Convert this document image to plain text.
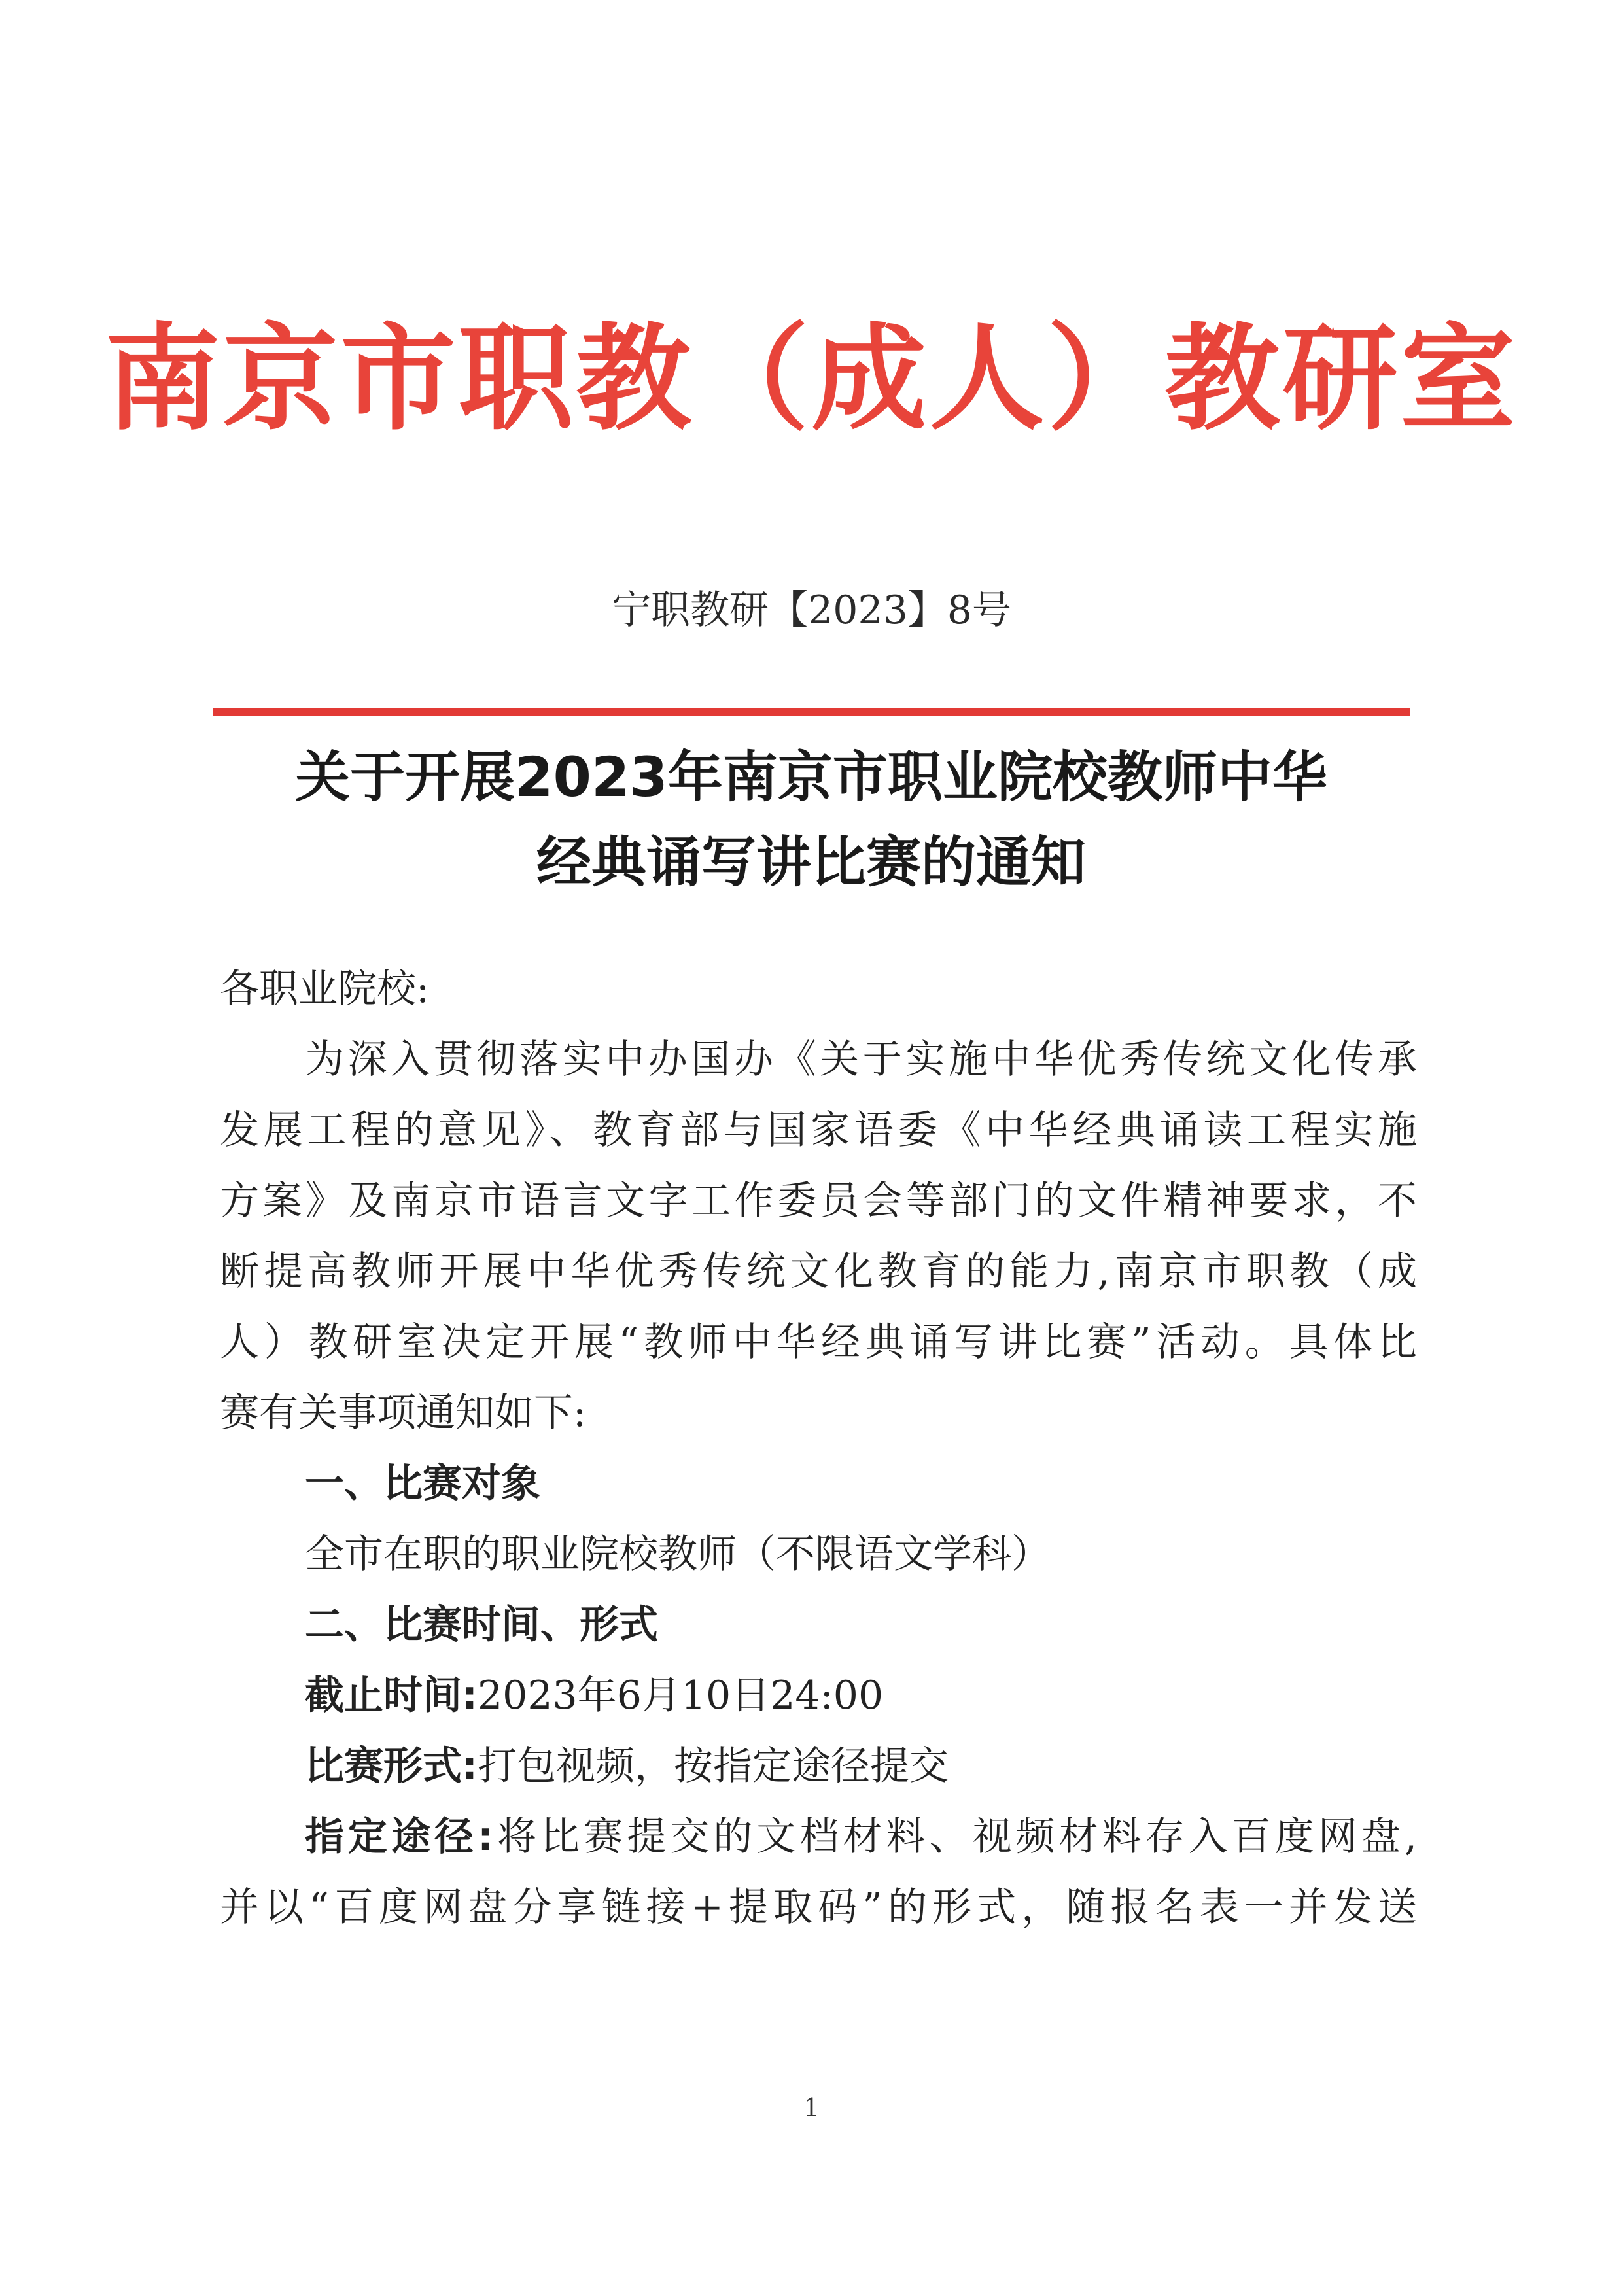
南京市职教（成人）教研室
宁职教研【2023】8号
关于开展2023年南京市职业院校教师中华
经典诵写讲比赛的通知
各职业院校:
为深入贯彻落实中办国办《关于实施中华优秀传统文化传承
发展工程的意见》、教育部与国家语委《中华经典诵读工程实施
方案》及南京市语言文字工作委员会等部门的文件精神要求，不
断提高教师开展中华优秀传统文化教育的能力,南京市职教（成
人）教研室决定开展“教师中华经典诵写讲比赛”活动。具体比
赛有关事项通知如下:
一、比赛对象
全市在职的职业院校教师（不限语文学科）
二、比赛时间、形式
截止时间:2023年6月10日24:00
比赛形式:打包视频，按指定途径提交
指定途径:将比赛提交的文档材料、视频材料存入百度网盘,
并以“百度网盘分享链接+提取码”的形式，随报名表一并发送
1
